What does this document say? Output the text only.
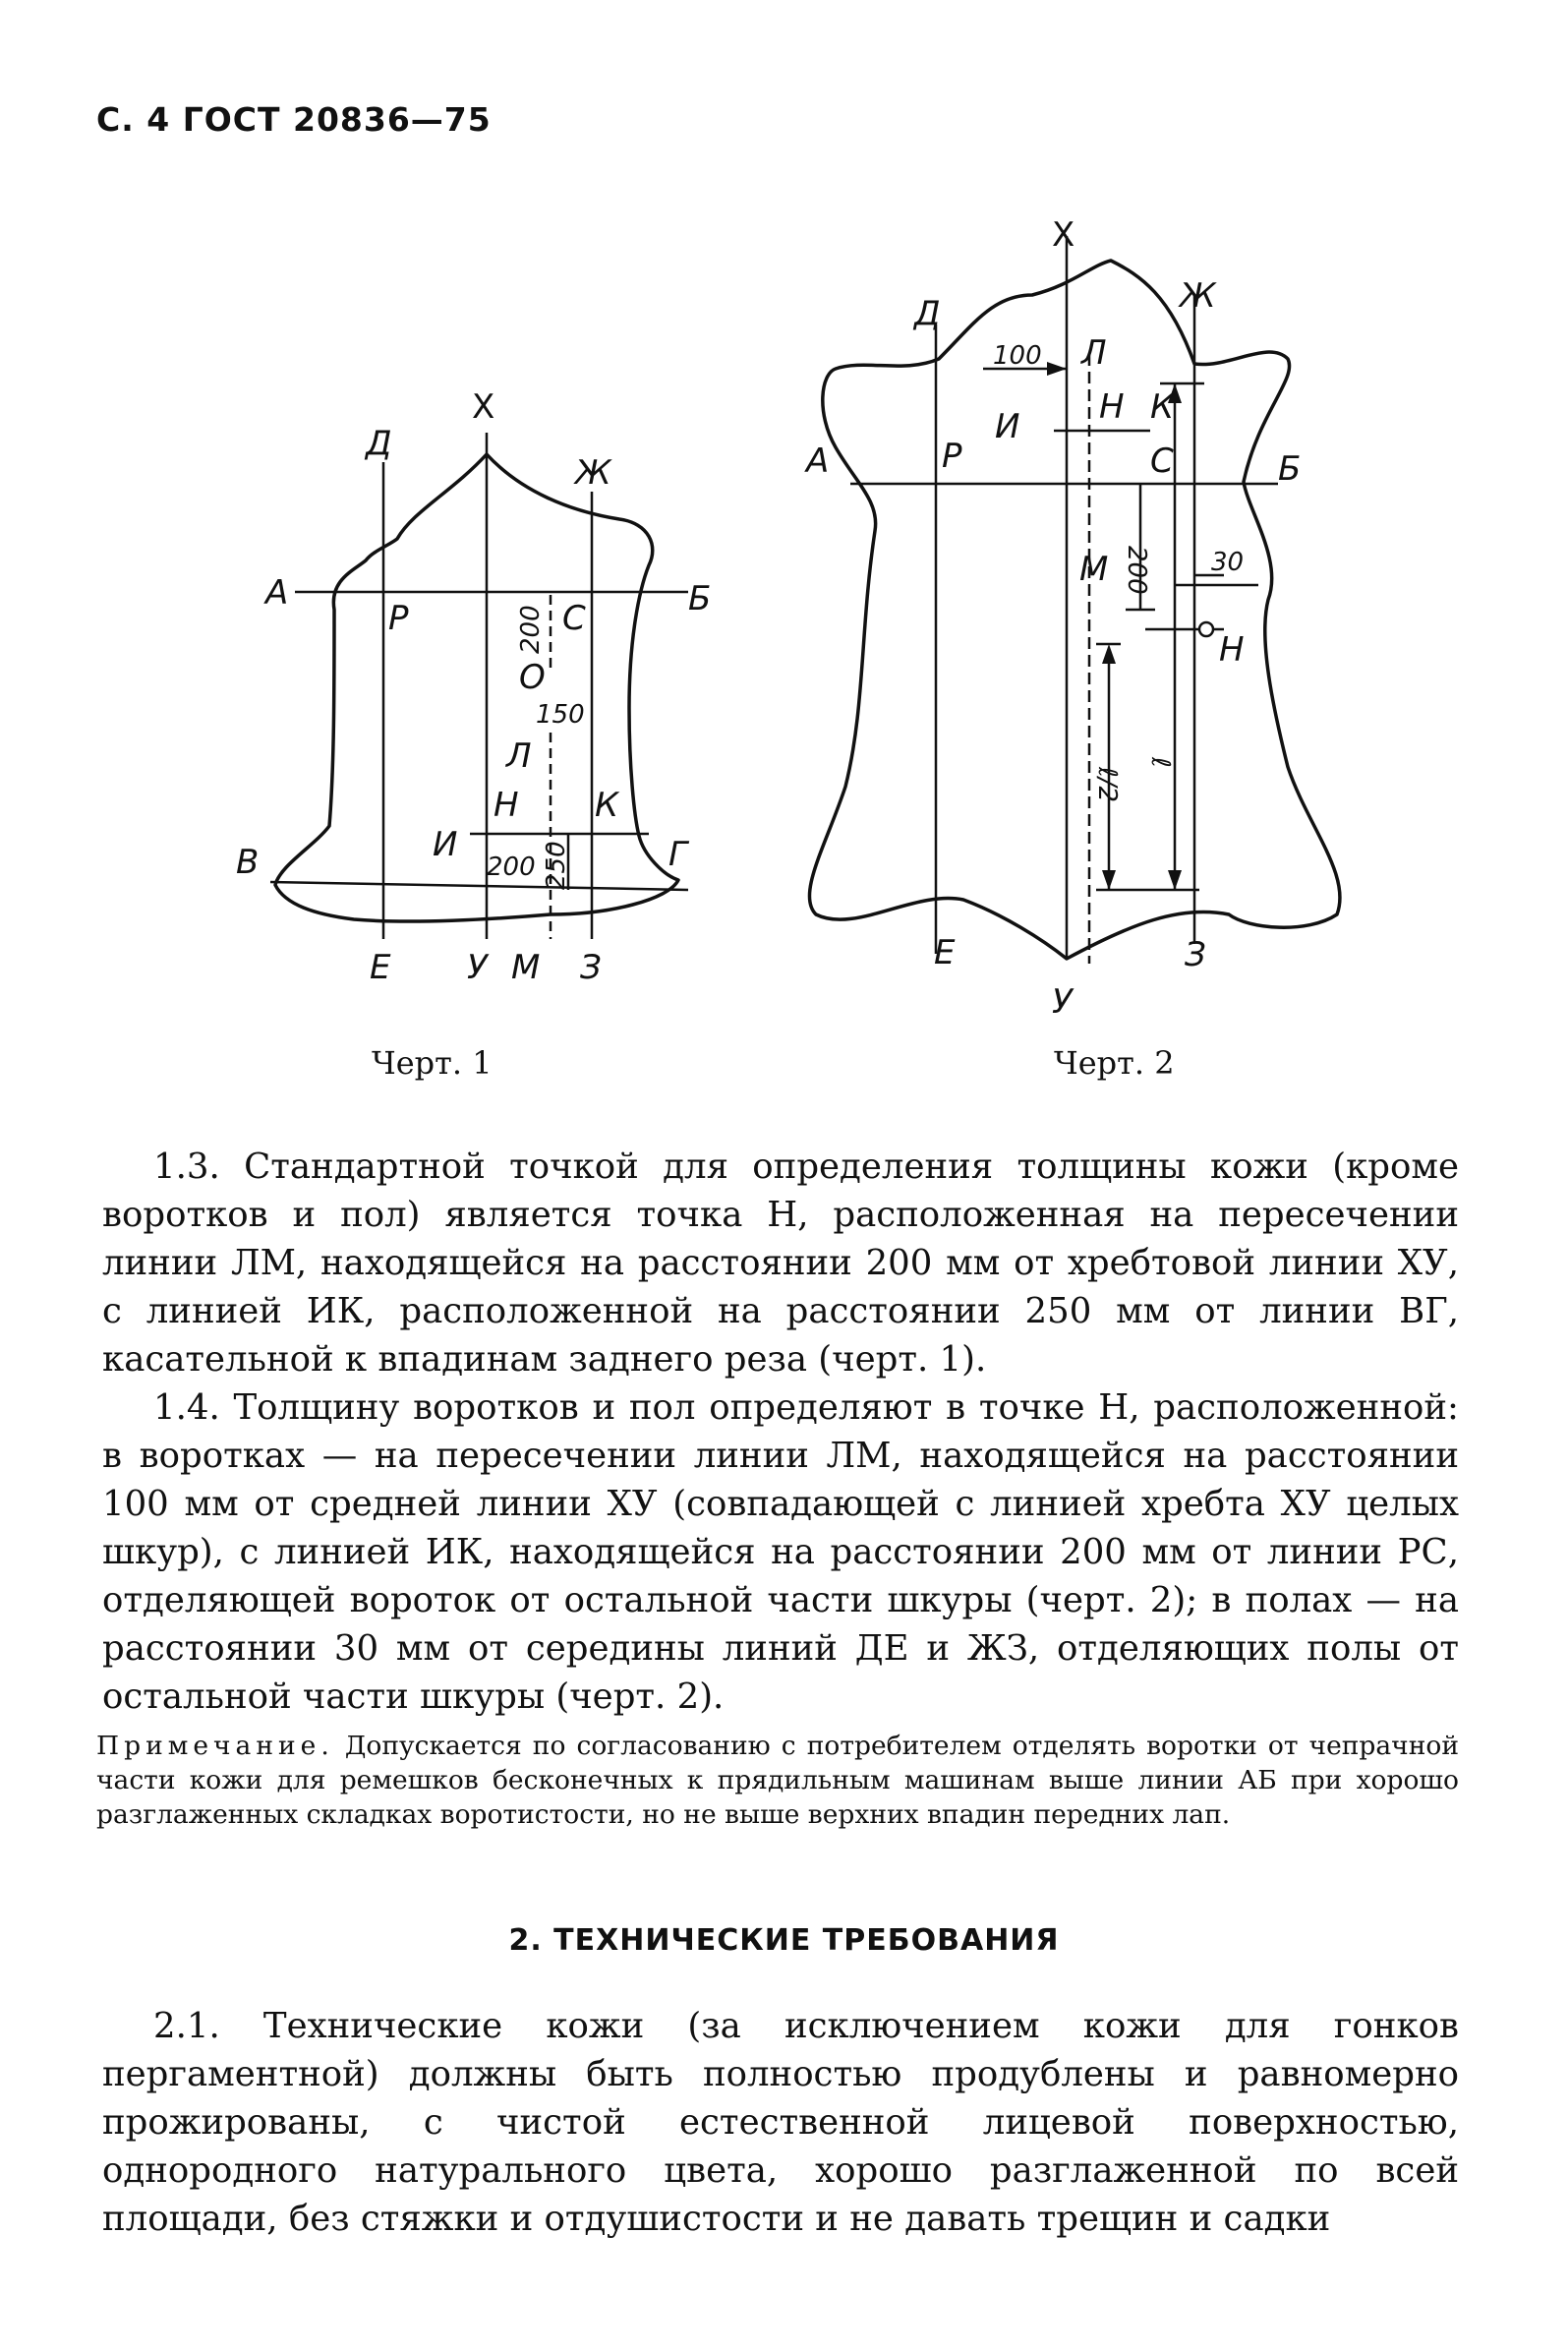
С. 4 ГОСТ 20836—75
Х
Д
Ж
А	Б
Р	С
О
Л
Н
И
К
В	Г
Е У М З
200
150
200 250
Х
Д	Ж
Л
И Н К
А	Р	С	Б
М
Н
Е	З
У
100
200 30
ℓ/2
ℓ
Черт. 1	Черт. 2

1.3. Стандартной точкой для определения толщины кожи (кроме воротков и пол) является точка Н, расположенная на пересечении линии ЛМ, находящейся на расстоянии 200 мм от хребтовой линии ХУ, с линией ИК, расположенной на расстоянии 250 мм от линии ВГ, касательной к впадинам заднего реза (черт. 1).

1.4. Толщину воротков и пол определяют в точке Н, расположенной: в воротках — на пересечении линии ЛМ, находящейся на расстоянии 100 мм от средней линии ХУ (совпадающей с линией хребта ХУ целых шкур), с линией ИК, находящейся на расстоянии 200 мм от линии РС, отделяющей вороток от остальной части шкуры (черт. 2); в полах — на расстоянии 30 мм от середины линий ДЕ и ЖЗ, отделяющих полы от остальной части шкуры (черт. 2).

Примечание. Допускается по согласованию с потребителем отделять воротки от чепрачной части кожи для ремешков бесконечных к прядильным машинам выше линии АБ при хорошо разглаженных складках воротистости, но не выше верхних впадин передних лап.
2. ТЕХНИЧЕСКИЕ ТРЕБОВАНИЯ

2.1. Технические кожи (за исключением кожи для гонков пергаментной) должны быть полностью продублены и равномерно прожированы, с чистой естественной лицевой поверхностью, однородного натурального цвета, хорошо разглаженной по всей площади, без стяжки и отдушистости и не давать трещин и садки
